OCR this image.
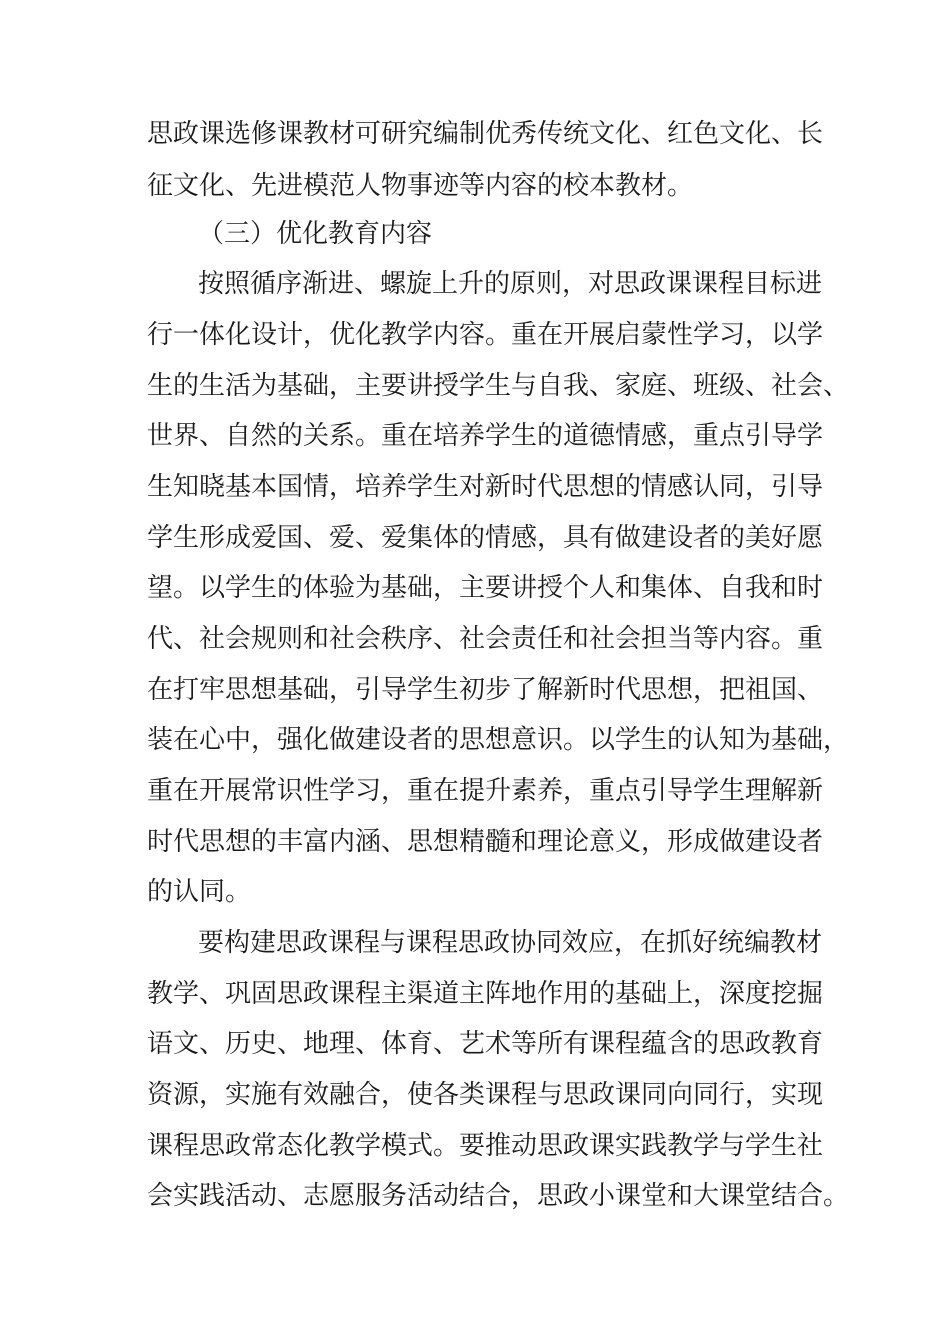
思政课选修课教材可研究编制优秀传统文化、红色文化、长
征文化、先进模范人物事迹等内容的校本教材。
（三）优化教育内容
按照循序渐进、螺旋上升的原则，对思政课课程目标进
行一体化设计，优化教学内容。重在开展启蒙性学习，以学
生的生活为基础，主要讲授学生与自我、家庭、班级、社会、
世界、自然的关系。重在培养学生的道德情感，重点引导学
生知晓基本国情，培养学生对新时代思想的情感认同，引导
学生形成爱国、爱、爱集体的情感，具有做建设者的美好愿
望。以学生的体验为基础，主要讲授个人和集体、自我和时
代、社会规则和社会秩序、社会责任和社会担当等内容。重
在打牢思想基础，引导学生初步了解新时代思想，把祖国、
装在心中，强化做建设者的思想意识。以学生的认知为基础，
重在开展常识性学习，重在提升素养，重点引导学生理解新
时代思想的丰富内涵、思想精髓和理论意义，形成做建设者
的认同。
要构建思政课程与课程思政协同效应，在抓好统编教材
教学、巩固思政课程主渠道主阵地作用的基础上，深度挖掘
语文、历史、地理、体育、艺术等所有课程蕴含的思政教育
资源，实施有效融合，使各类课程与思政课同向同行，实现
课程思政常态化教学模式。要推动思政课实践教学与学生社
会实践活动、志愿服务活动结合，思政小课堂和大课堂结合。
